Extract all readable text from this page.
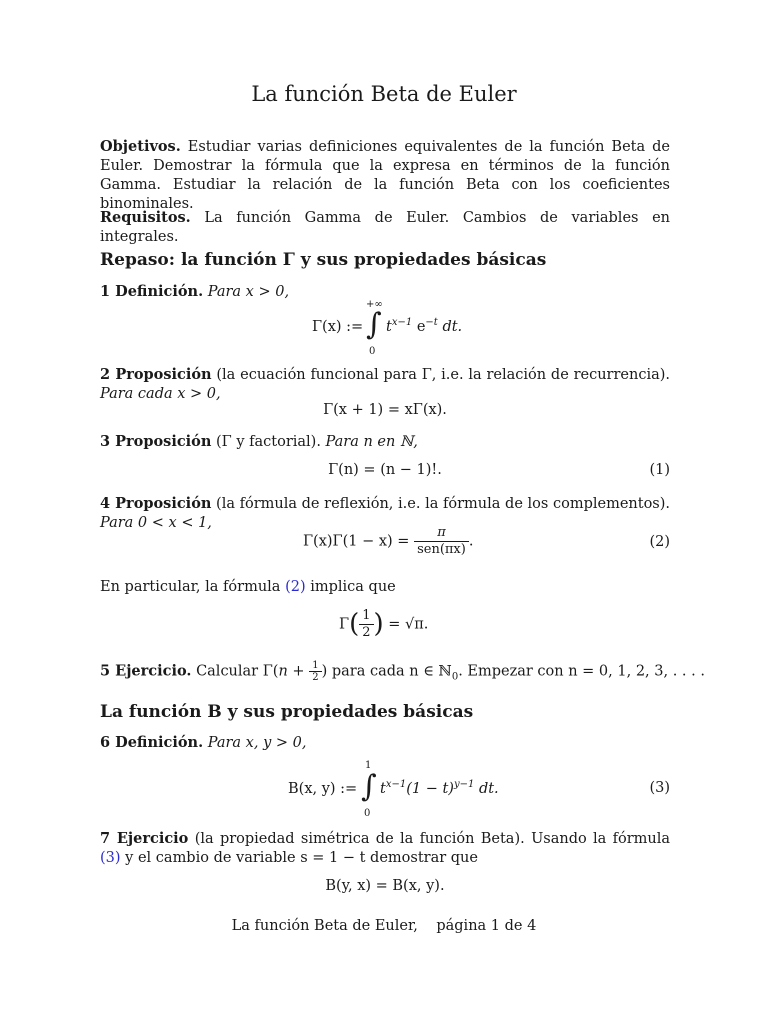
La función Beta de Euler
Objetivos. Estudiar varias definiciones equivalentes de la función Beta de Euler. Demostrar la fórmula que la expresa en términos de la función Gamma. Estudiar la relación de la función Beta con los coeficientes binominales.
Requisitos. La función Gamma de Euler. Cambios de variables en integrales.
Repaso: la función Γ y sus propiedades básicas
1 Definición. Para x > 0,
Γ(x) :=
+∞
∫
0
$t^{x-1}$ $e^{-t}$ dt.
2 Proposición (la ecuación funcional para Γ, i.e. la relación de recurrencia). Para cada x > 0,
Γ(x + 1) = xΓ(x).
3 Proposición (Γ y factorial). Para n en ℕ,
Γ(n) = (n − 1)!.	(1)
4 Proposición (la fórmula de reflexión, i.e. la fórmula de los complementos). Para 0 < x < 1,
$\Gamma(x)\Gamma(1 - x) = \frac{\pi}{\text{sen(πx)}}$ .	(2)
En particular, la fórmula (2) implica que
$\Gamma( \frac{1}{2}$ ) = √π.
5 Ejercicio. Calcular $\Gamma(n + \frac{1}{2}$ ) para cada n ∈ ℕ$_0$. Empezar con n = 0, 1, 2, 3, . . . .
La función B y sus propiedades básicas
6 Definición. Para x, y > 0,
B(x, y) :=
1
∫
0
$t^{x-1}(1 - t)^{y-1}$ dt.	(3)
7 Ejercicio (la propiedad simétrica de la función Beta). Usando la fórmula (3) y el cambio de variable s = 1 − t demostrar que
B(y, x) = B(x, y).
La función Beta de Euler,    página 1 de 4
